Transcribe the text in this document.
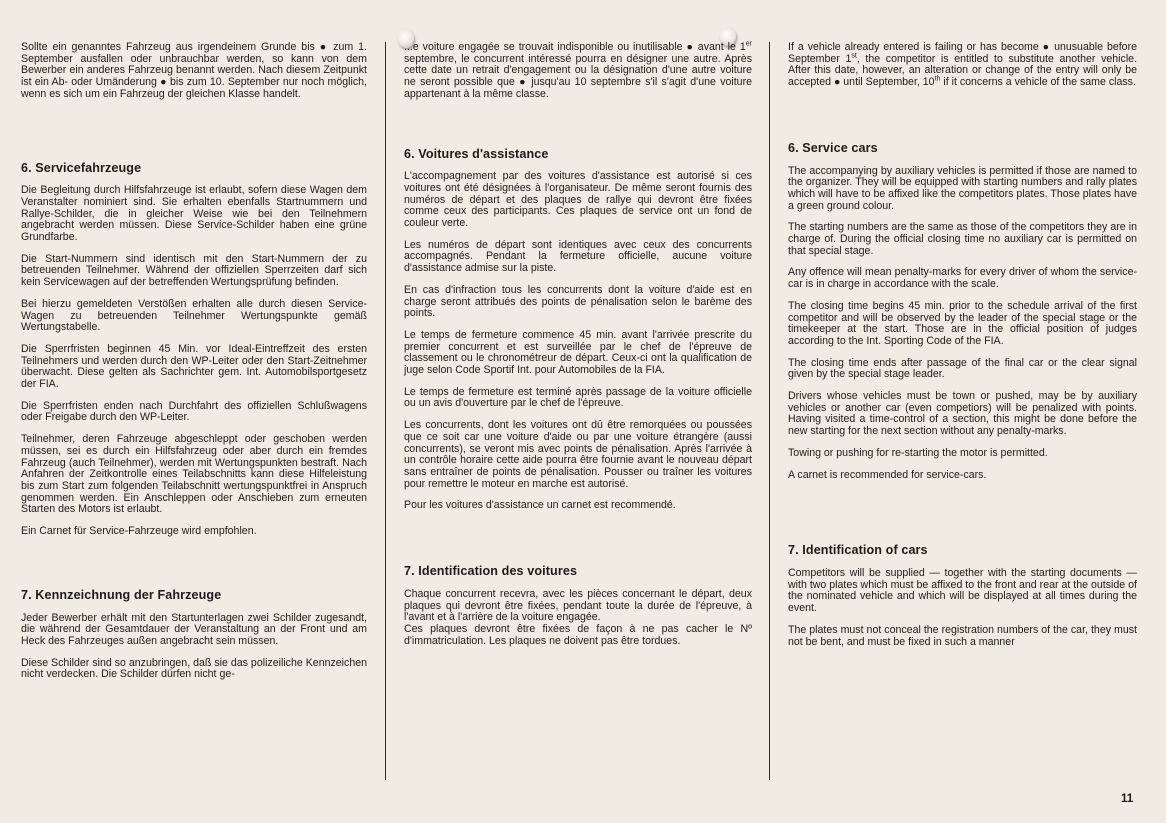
Sollte ein genanntes Fahrzeug aus irgendeinem Grunde bis ● zum 1. September ausfallen oder unbrauchbar werden, so kann von dem Bewerber ein anderes Fahrzeug benannt werden. Nach diesem Zeitpunkt ist ein Ab- oder Umänderung ● bis zum 10. September nur noch möglich, wenn es sich um ein Fahrzeug der gleichen Klasse handelt.

6. Servicefahrzeuge

Die Begleitung durch Hilfsfahrzeuge ist erlaubt, sofern diese Wagen dem Veranstalter nominiert sind. Sie erhalten ebenfalls Startnummern und Rallye-Schilder, die in gleicher Weise wie bei den Teilnehmern angebracht werden müssen. Diese Service-Schilder haben eine grüne Grundfarbe.

Die Start-Nummern sind identisch mit den Start-Nummern der zu betreuenden Teilnehmer. Während der offiziellen Sperrzeiten darf sich kein Servicewagen auf der betreffenden Wertungsprüfung befinden.

Bei hierzu gemeldeten Verstößen erhalten alle durch diesen Service-Wagen zu betreuenden Teilnehmer Wertungspunkte gemäß Wertungstabelle.

Die Sperrfristen beginnen 45 Min. vor Ideal-Eintreffzeit des ersten Teilnehmers und werden durch den WP-Leiter oder den Start-Zeitnehmer überwacht. Diese gelten als Sachrichter gem. Int. Automobilsportgesetz der FIA.

Die Sperrfristen enden nach Durchfahrt des offiziellen Schlußwagens oder Freigabe durch den WP-Leiter.

Teilnehmer, deren Fahrzeuge abgeschleppt oder geschoben werden müssen, sei es durch ein Hilfsfahrzeug oder aber durch ein fremdes Fahrzeug (auch Teilnehmer), werden mit Wertungspunkten bestraft. Nach Anfahren der Zeitkontrolle eines Teilabschnitts kann diese Hilfeleistung bis zum Start zum folgenden Teilabschnitt wertungspunktfrei in Anspruch genommen werden. Ein Anschleppen oder Anschieben zum erneuten Starten des Motors ist erlaubt.

Ein Carnet für Service-Fahrzeuge wird empfohlen.

7. Kennzeichnung der Fahrzeuge

Jeder Bewerber erhält mit den Startunterlagen zwei Schilder zugesandt, die während der Gesamtdauer der Veranstaltung an der Front und am Heck des Fahrzeuges außen angebracht sein müssen.

Diese Schilder sind so anzubringen, daß sie das polizeiliche Kennzeichen nicht verdecken. Die Schilder dürfen nicht ge-

...e voiture engagée se trouvait indisponible ou inutilisable ● avant le 1er septembre, le concurrent intéressé pourra en désigner une autre. Après cette date un retrait d'engagement ou la désignation d'une autre voiture ne seront possible que ● jusqu'au 10 septembre s'il s'agit d'une voiture appartenant à la même classe.

6. Voitures d'assistance

L'accompagnement par des voitures d'assistance est autorisé si ces voitures ont été désignées à l'organisateur. De même seront fournis des numéros de départ et des plaques de rallye qui devront être fixées comme ceux des participants. Ces plaques de service ont un fond de couleur verte.

Les numéros de départ sont identiques avec ceux des concurrents accompagnés. Pendant la fermeture officielle, aucune voiture d'assistance admise sur la piste.

En cas d'infraction tous les concurrents dont la voiture d'aide est en charge seront attribués des points de pénalisation selon le barème des points.

Le temps de fermeture commence 45 min. avant l'arrivée prescrite du premier concurrent et est surveillée par le chef de l'épreuve de classement ou le chronométreur de départ. Ceux-ci ont la qualification de juge selon Code Sportif Int. pour Automobiles de la FIA.

Le temps de fermeture est terminé après passage de la voiture officielle ou un avis d'ouverture par le chef de l'épreuve.

Les concurrents, dont les voitures ont dû être remorquées ou poussées que ce soit car une voiture d'aide ou par une voiture étrangère (aussi concurrents), se veront mis avec points de pénalisation. Après l'arrivée à un contrôle horaire cette aide pourra être fournie avant le nouveau départ sans entraîner de points de pénalisation. Pousser ou traîner les voitures pour remettre le moteur en marche est autorisé.

Pour les voitures d'assistance un carnet est recommendé.

7. Identification des voitures

Chaque concurrent recevra, avec les pièces concernant le départ, deux plaques qui devront être fixées, pendant toute la durée de l'épreuve, à l'avant et à l'arrière de la voiture engagée.

Ces plaques devront être fixées de façon à ne pas cacher le Nº d'immatriculation. Les plaques ne doivent pas être tordues.

If a vehicle already entered is failing or has become ● unusuable before September 1st, the competitor is entitled to substitute another vehicle. After this date, however, an alteration or change of the entry will only be accepted ● until September, 10th if it concerns a vehicle of the same class.

6. Service cars

The accompanying by auxiliary vehicles is permitted if those are named to the organizer. They will be equipped with starting numbers and rally plates which will have to be affixed like the competitors plates. Those plates have a green ground colour.

The starting numbers are the same as those of the competitors they are in charge of. During the official closing time no auxiliary car is permitted on that special stage.

Any offence will mean penalty-marks for every driver of whom the service-car is in charge in accordance with the scale.

The closing time begins 45 min. prior to the schedule arrival of the first competitor and will be observed by the leader of the special stage or the timekeeper at the start. Those are in the official position of judges according to the Int. Sporting Code of the FIA.

The closing time ends after passage of the final car or the clear signal given by the special stage leader.

Drivers whose vehicles must be town or pushed, may be by auxiliary vehicles or another car (even competiors) will be penalized with points. Having visited a time-control of a section, this might be done before the new starting for the next section without any penalty-marks.

Towing or pushing for re-starting the motor is permitted.

A carnet is recommended for service-cars.

7. Identification of cars

Competitors will be supplied — together with the starting documents — with two plates which must be affixed to the front and rear at the outside of the nominated vehicle and which will be displayed at all times during the event.

The plates must not conceal the registration numbers of the car, they must not be bent, and must be fixed in such a manner

11
